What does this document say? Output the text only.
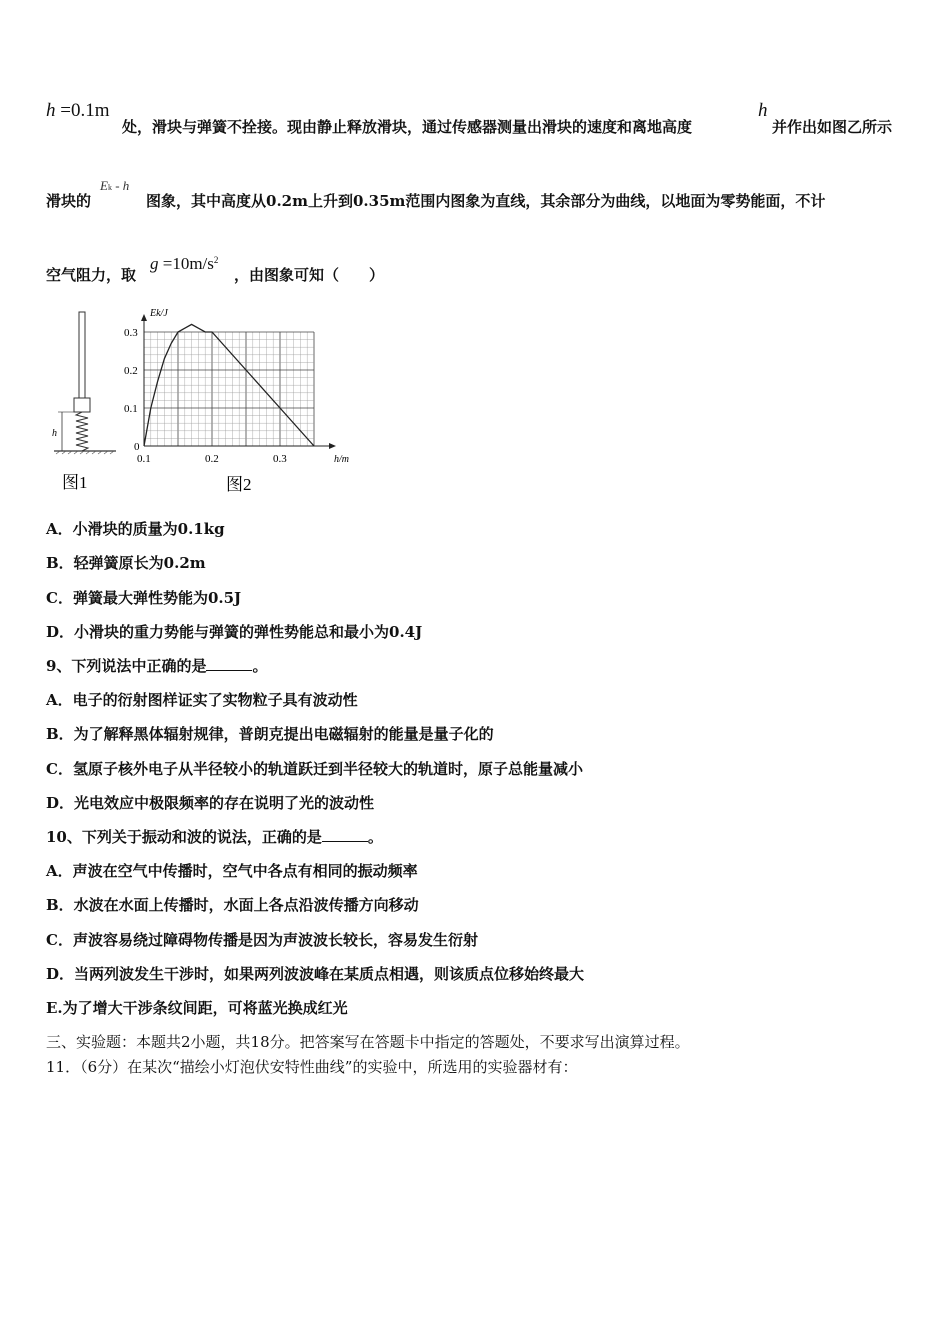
h =0.1m
处，滑块与弹簧不拴接。现由静止释放滑块，通过传感器测量出滑块的速度和离地高度
h
并作出如图乙所示
滑块的
Ek - h
图象，其中高度从0.2m上升到0.35m范围内图象为直线，其余部分为曲线，以地面为零势能面，不计
空气阻力，取
$g =10m/s^2$
，由图象可知（　　）
h
图1
0.1	0.2	0.3
0
0.1
0.2
0.3
Ek/J
h/m
图2
A．小滑块的质量为0.1kg
B．轻弹簧原长为0.2m
C．弹簧最大弹性势能为0.5J
D．小滑块的重力势能与弹簧的弹性势能总和最小为0.4J
9、下列说法中正确的是	。
A．电子的衍射图样证实了实物粒子具有波动性
B．为了解释黑体辐射规律，普朗克提出电磁辐射的能量是量子化的
C．氢原子核外电子从半径较小的轨道跃迁到半径较大的轨道时，原子总能量减小
D．光电效应中极限频率的存在说明了光的波动性
10、下列关于振动和波的说法，正确的是	。
A．声波在空气中传播时，空气中各点有相同的振动频率
B．水波在水面上传播时，水面上各点沿波传播方向移动
C．声波容易绕过障碍物传播是因为声波波长较长，容易发生衍射
D．当两列波发生干涉时，如果两列波波峰在某质点相遇，则该质点位移始终最大
E.为了增大干涉条纹间距，可将蓝光换成红光
三、实验题：本题共2小题，共18分。把答案写在答题卡中指定的答题处，不要求写出演算过程。
11．（6分）在某次“描绘小灯泡伏安特性曲线”的实验中，所选用的实验器材有：
